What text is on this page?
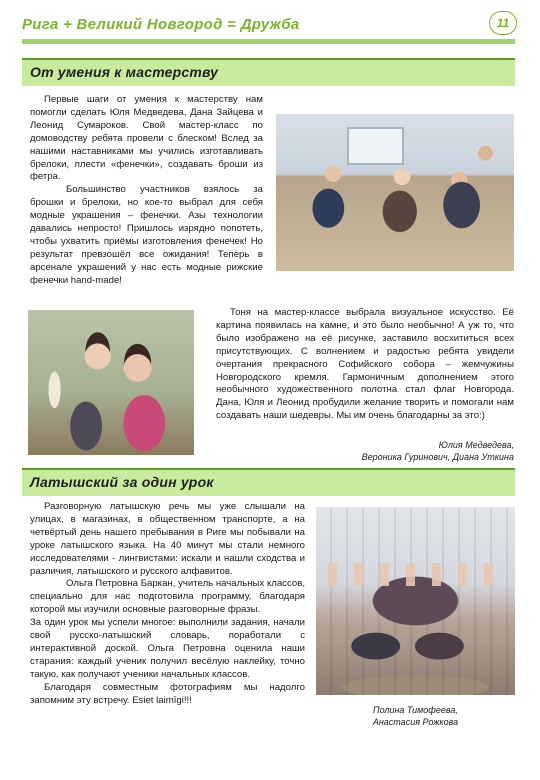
Рига + Великий Новгород = Дружба	11
От умения к мастерству

Первые шаги от умения к мастерству нам помогли сделать Юля Медведева, Дана Зайцева и Леонид Сумароков. Свой мастер-класс по домоводству ребята провели с блеском! Вслед за нашими наставниками мы учились изготавливать брелоки, плести «фенечки», создавать броши из фетра.

Большинство участников взялось за брошки и брелоки, но кое-то выбрал для себя модные украшения – фенечки. Азы технологии давались непросто! Пришлось изрядно попотеть, чтобы ухватить приёмы изготовления фенечек! Но результат превзошёл все ожидания! Теперь в арсенале украшений у нас есть модные рижские фенечки hand-made!

Тоня на мастер-классе выбрала визуальное искусство. Её картина появилась на камне, и это было необычно! А уж то, что было изображено на её рисунке, заставило восхититься всех присутствующих. С волнением и радостью ребята увидели очертания прекрасного Софийского собора – жемчужины Новгородского кремля. Гармоничным дополнением этого необычного художественного полотна стал флаг Новгорода. Дана, Юля и Леонид пробудили желание творить и помогали нам создавать наши шедевры. Мы им очень благодарны за это:)

Юлия Медведева,
Вероника Гуринович, Диана Уткина
Латышский за один урок

Разговорную латышскую речь мы уже слышали на улицах, в магазинах, в общественном транспорте, а на четвёртый день нашего пребывания в Риге мы побывали на уроке латышского языка. На 40 минут мы стали немного исследователями - лингвистами: искали и нашли сходства и различия, латышского и русского алфавитов.

Ольга Петровна Баркан, учитель начальных классов, специально для нас подготовила программу, благодаря которой мы изучили основные разговорные фразы.

За один урок мы успели многое: выполнили задания, начали свой русско-латышский словарь, поработали с интерактивной доской. Ольга Петровна оценила наши старания: каждый ученик получил весёлую наклейку, точно такую, как получают ученики начальных классов.

Благодаря совместным фотографиям мы надолго запомним эту встречу. Esiet laimīgi!!!

Полина Тимофеева,
Анастасия Рожкова
